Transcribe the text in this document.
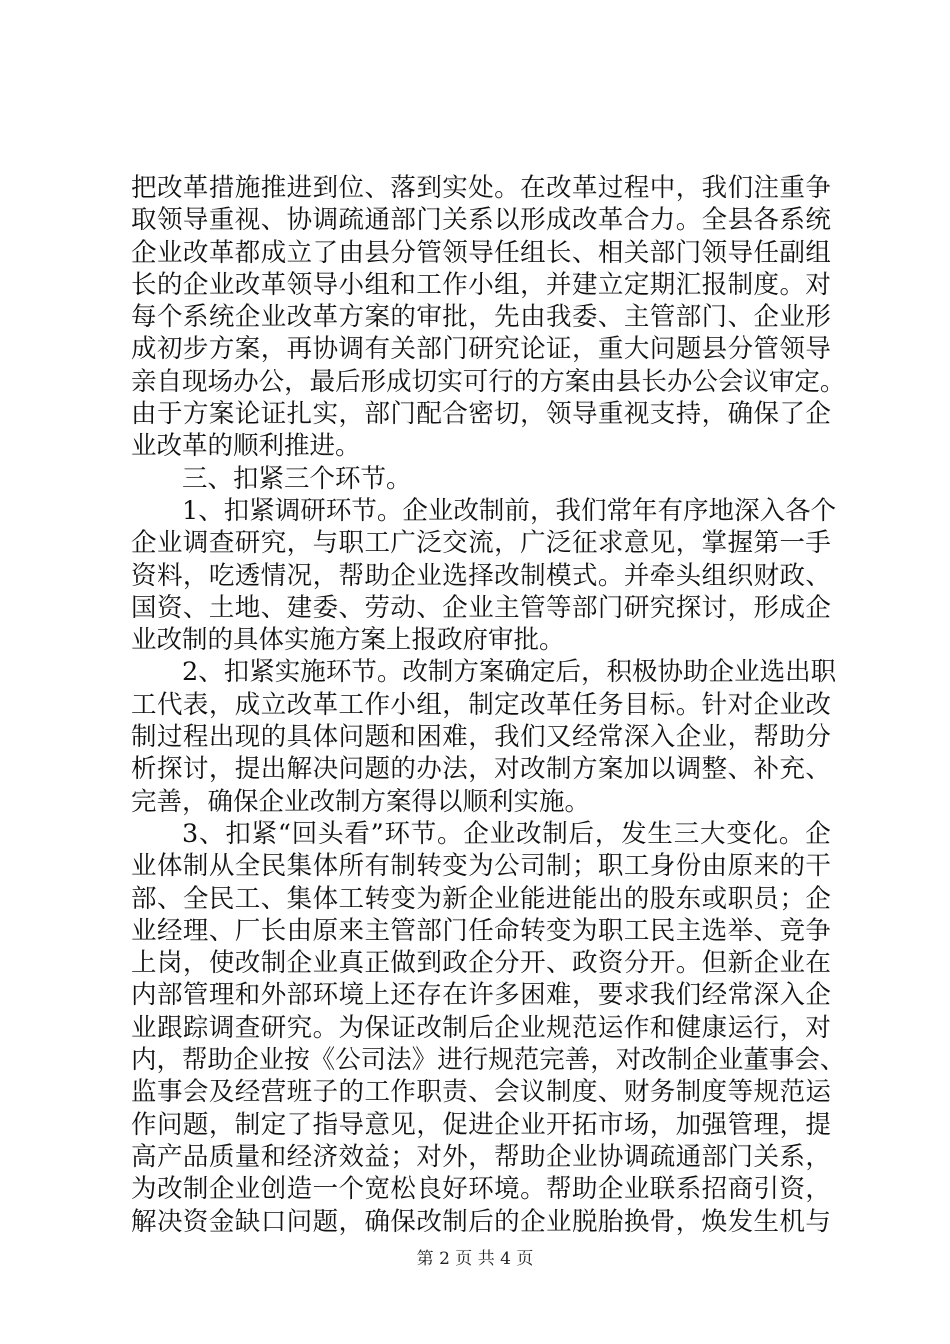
把 改 革 措 施 推 进 到 位 、 落 到 实 处 。 在 改 革 过 程 中 ， 我 们 注 重 争
取 领 导 重 视 、 协 调 疏 通 部 门 关 系 以 形 成 改 革 合 力 。 全 县 各 系 统
企 业 改 革 都 成 立 了 由 县 分 管 领 导 任 组 长 、 相 关 部 门 领 导 任 副 组
长 的 企 业 改 革 领 导 小 组 和 工 作 小 组 ， 并 建 立 定 期 汇 报 制 度 。 对
每 个 系 统 企 业 改 革 方 案 的 审 批 ， 先 由 我 委 、 主 管 部 门 、 企 业 形
成 初 步 方 案 ， 再 协 调 有 关 部 门 研 究 论 证 ， 重 大 问 题 县 分 管 领 导
亲 自 现 场 办 公 ， 最 后 形 成 切 实 可 行 的 方 案 由 县 长 办 公 会 议 审 定 。
由 于 方 案 论 证 扎 实 ， 部 门 配 合 密 切 ， 领 导 重 视 支 持 ， 确 保 了 企
业改革的顺利推进。
三、扣紧三个环节。
1 、 扣 紧 调 研 环 节 。 企 业 改 制 前 ， 我 们 常 年 有 序 地 深 入 各 个
企 业 调 查 研 究 ， 与 职 工 广 泛 交 流 ， 广 泛 征 求 意 见 ， 掌 握 第 一 手
资 料 ， 吃 透 情 况 ， 帮 助 企 业 选 择 改 制 模 式 。 并 牵 头 组 织 财 政 、
国 资 、 土 地 、 建 委 、 劳 动 、 企 业 主 管 等 部 门 研 究 探 讨 ， 形 成 企
业改制的具体实施方案上报政府审批。
2 、 扣 紧 实 施 环 节 。 改 制 方 案 确 定 后 ， 积 极 协 助 企 业 选 出 职
工 代 表 ， 成 立 改 革 工 作 小 组 ， 制 定 改 革 任 务 目 标 。 针 对 企 业 改
制 过 程 出 现 的 具 体 问 题 和 困 难 ， 我 们 又 经 常 深 入 企 业 ， 帮 助 分
析 探 讨 ， 提 出 解 决 问 题 的 办 法 ， 对 改 制 方 案 加 以 调 整 、 补 充 、
完善，确保企业改制方案得以顺利实施。
3 、 扣 紧 “ 回 头 看 ” 环 节 。 企 业 改 制 后 ， 发 生 三 大 变 化 。 企
业 体 制 从 全 民 集 体 所 有 制 转 变 为 公 司 制 ； 职 工 身 份 由 原 来 的 干
部 、 全 民 工 、 集 体 工 转 变 为 新 企 业 能 进 能 出 的 股 东 或 职 员 ； 企
业 经 理 、 厂 长 由 原 来 主 管 部 门 任 命 转 变 为 职 工 民 主 选 举 、 竞 争
上 岗 ， 使 改 制 企 业 真 正 做 到 政 企 分 开 、 政 资 分 开 。 但 新 企 业 在
内 部 管 理 和 外 部 环 境 上 还 存 在 许 多 困 难 ， 要 求 我 们 经 常 深 入 企
业 跟 踪 调 查 研 究 。 为 保 证 改 制 后 企 业 规 范 运 作 和 健 康 运 行 ， 对
内 ， 帮 助 企 业 按 《 公 司 法 》 进 行 规 范 完 善 ， 对 改 制 企 业 董 事 会 、
监 事 会 及 经 营 班 子 的 工 作 职 责 、 会 议 制 度 、 财 务 制 度 等 规 范 运
作 问 题 ， 制 定 了 指 导 意 见 ， 促 进 企 业 开 拓 市 场 ， 加 强 管 理 ， 提
高 产 品 质 量 和 经 济 效 益 ； 对 外 ， 帮 助 企 业 协 调 疏 通 部 门 关 系 ，
为 改 制 企 业 创 造 一 个 宽 松 良 好 环 境 。 帮 助 企 业 联 系 招 商 引 资 ，
解 决 资 金 缺 口 问 题 ， 确 保 改 制 后 的 企 业 脱 胎 换 骨 ， 焕 发 生 机 与
第 2 页 共 4 页
